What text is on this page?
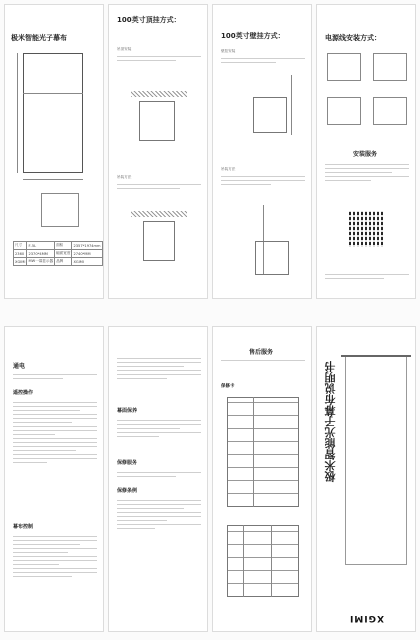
极米智能光子幕布
尺寸	F-5L	面积	2357*1974mm
2360	2370*4MM	幅面宽度	2740*MM
XGIMI	MW一幕显示器	品牌	XGIMI
100英寸顶挂方式：
吊顶安装
吊装方法
100英寸壁挂方式：
壁挂安装
吊装方法
电源线安装方式：
安装服务
通电
遥控操作
幕布控制
幕面保养
保修服务
保修条例
售后服务
保修卡	极米智能光子幕布说明书
XGIMI
